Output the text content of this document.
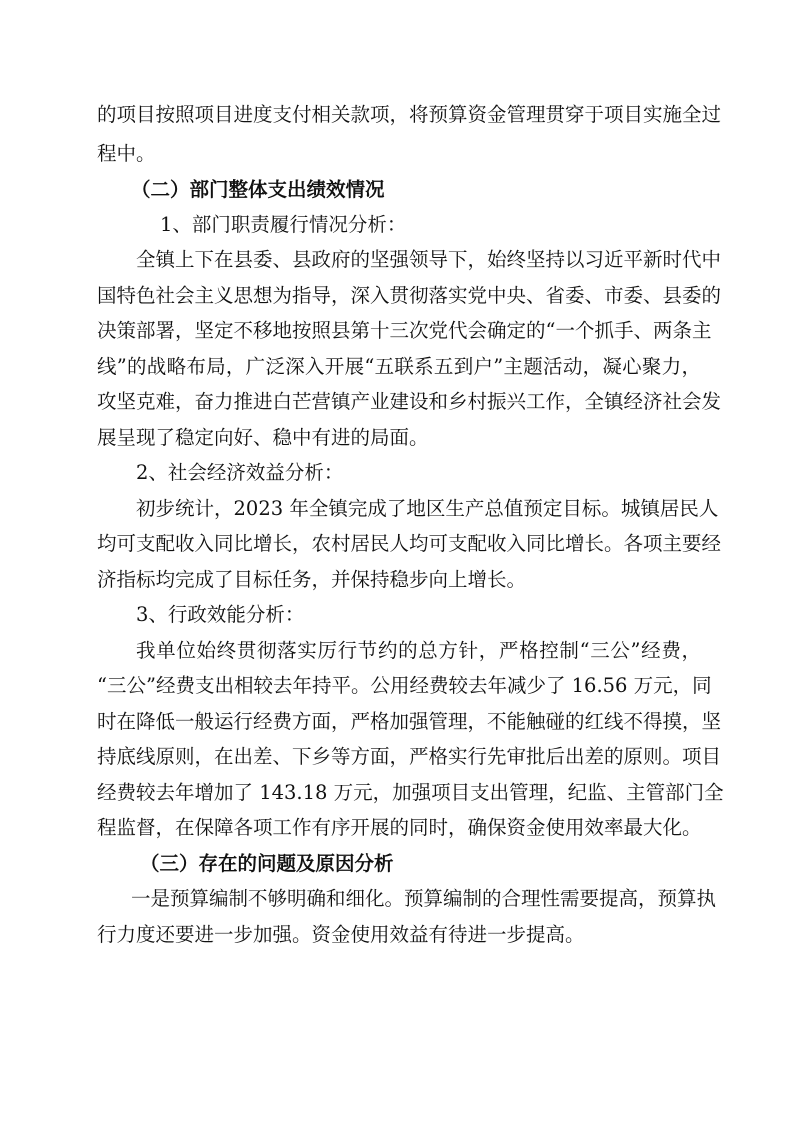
的项目按照项目进度支付相关款项，将预算资金管理贯穿于项目实施全过
程中。
（二）部门整体支出绩效情况
1、部门职责履行情况分析：
全镇上下在县委、县政府的坚强领导下，始终坚持以习近平新时代中
国特色社会主义思想为指导，深入贯彻落实党中央、省委、市委、县委的
决策部署，坚定不移地按照县第十三次党代会确定的“一个抓手、两条主
线”的战略布局，广泛深入开展“五联系五到户”主题活动，凝心聚力，
攻坚克难，奋力推进白芒营镇产业建设和乡村振兴工作，全镇经济社会发
展呈现了稳定向好、稳中有进的局面。
2、社会经济效益分析：
初步统计，2023 年全镇完成了地区生产总值预定目标。城镇居民人
均可支配收入同比增长，农村居民人均可支配收入同比增长。各项主要经
济指标均完成了目标任务，并保持稳步向上增长。
3、行政效能分析：
我单位始终贯彻落实厉行节约的总方针，严格控制“三公”经费，
“三公”经费支出相较去年持平。公用经费较去年减少了 16.56 万元，同
时在降低一般运行经费方面，严格加强管理，不能触碰的红线不得摸，坚
持底线原则，在出差、下乡等方面，严格实行先审批后出差的原则。项目
经费较去年增加了 143.18 万元，加强项目支出管理，纪监、主管部门全
程监督，在保障各项工作有序开展的同时，确保资金使用效率最大化。
（三）存在的问题及原因分析
一是预算编制不够明确和细化。预算编制的合理性需要提高，预算执
行力度还要进一步加强。资金使用效益有待进一步提高。
